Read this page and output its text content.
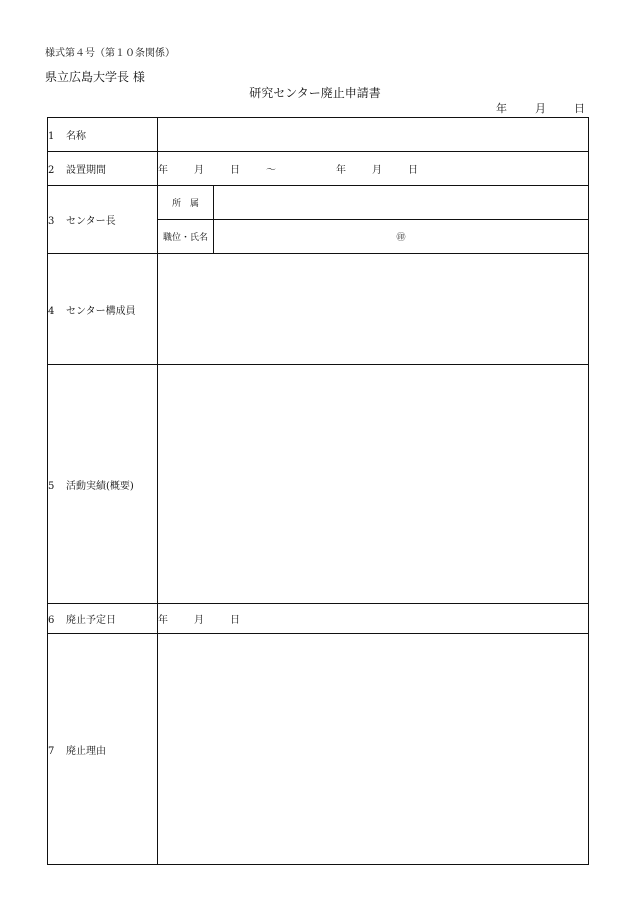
様式第４号（第１０条関係）
県立広島大学長 様
研究センター廃止申請書
年	月	日
1 名称		
2 設置期間	年 月 日 ～ 年 月 日	
3 センター長	所　属	
	職位・氏名	㊞

4 センター構成員		
5 活動実績(概要)		
6 廃止予定日	年 月 日	
7 廃止理由		
